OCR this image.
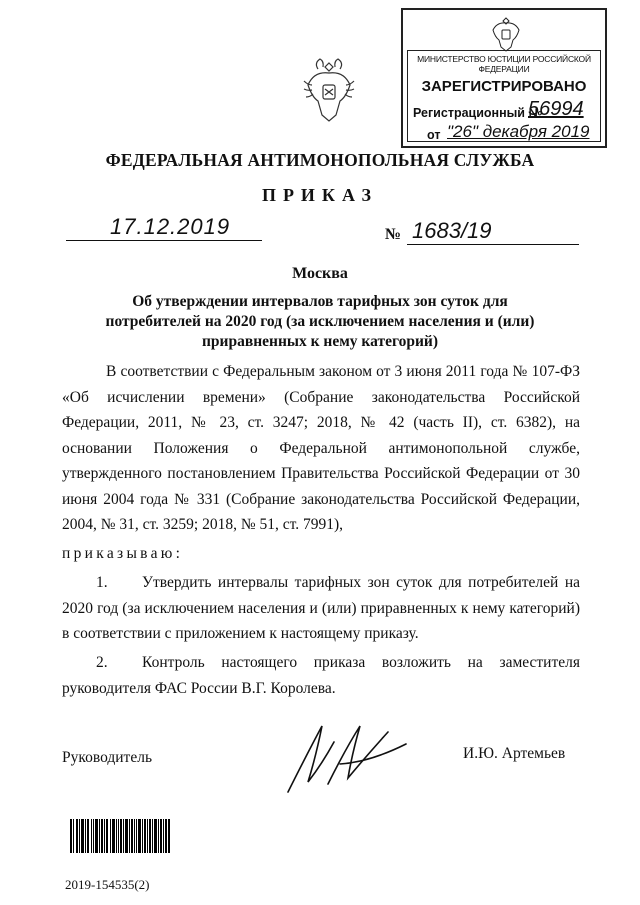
МИНИСТЕРСТВО ЮСТИЦИИ РОССИЙСКОЙ ФЕДЕРАЦИИ
ЗАРЕГИСТРИРОВАНО
Регистрационный №
56994
от "26" декабря 2019
ФЕДЕРАЛЬНАЯ АНТИМОНОПОЛЬНАЯ СЛУЖБА
ПРИКАЗ
17.12.2019	№ 1683/19
Москва
Об утверждении интервалов тарифных зон суток для потребителей на 2020 год (за исключением населения и (или) приравненных к нему категорий)
В соответствии с Федеральным законом от 3 июня 2011 года № 107-ФЗ «Об исчислении времени» (Собрание законодательства Российской Федерации, 2011, № 23, ст. 3247; 2018, № 42 (часть II), ст. 6382), на основании Положения о Федеральной антимонопольной службе, утвержденного постановлением Правительства Российской Федерации от 30 июня 2004 года № 331 (Собрание законодательства Российской Федерации, 2004, № 31, ст. 3259; 2018, № 51, ст. 7991),
приказываю:
1. Утвердить интервалы тарифных зон суток для потребителей на 2020 год (за исключением населения и (или) приравненных к нему категорий) в соответствии с приложением к настоящему приказу.
2. Контроль настоящего приказа возложить на заместителя руководителя ФАС России В.Г. Королева.
Руководитель	И.Ю. Артемьев
2019-154535(2)
